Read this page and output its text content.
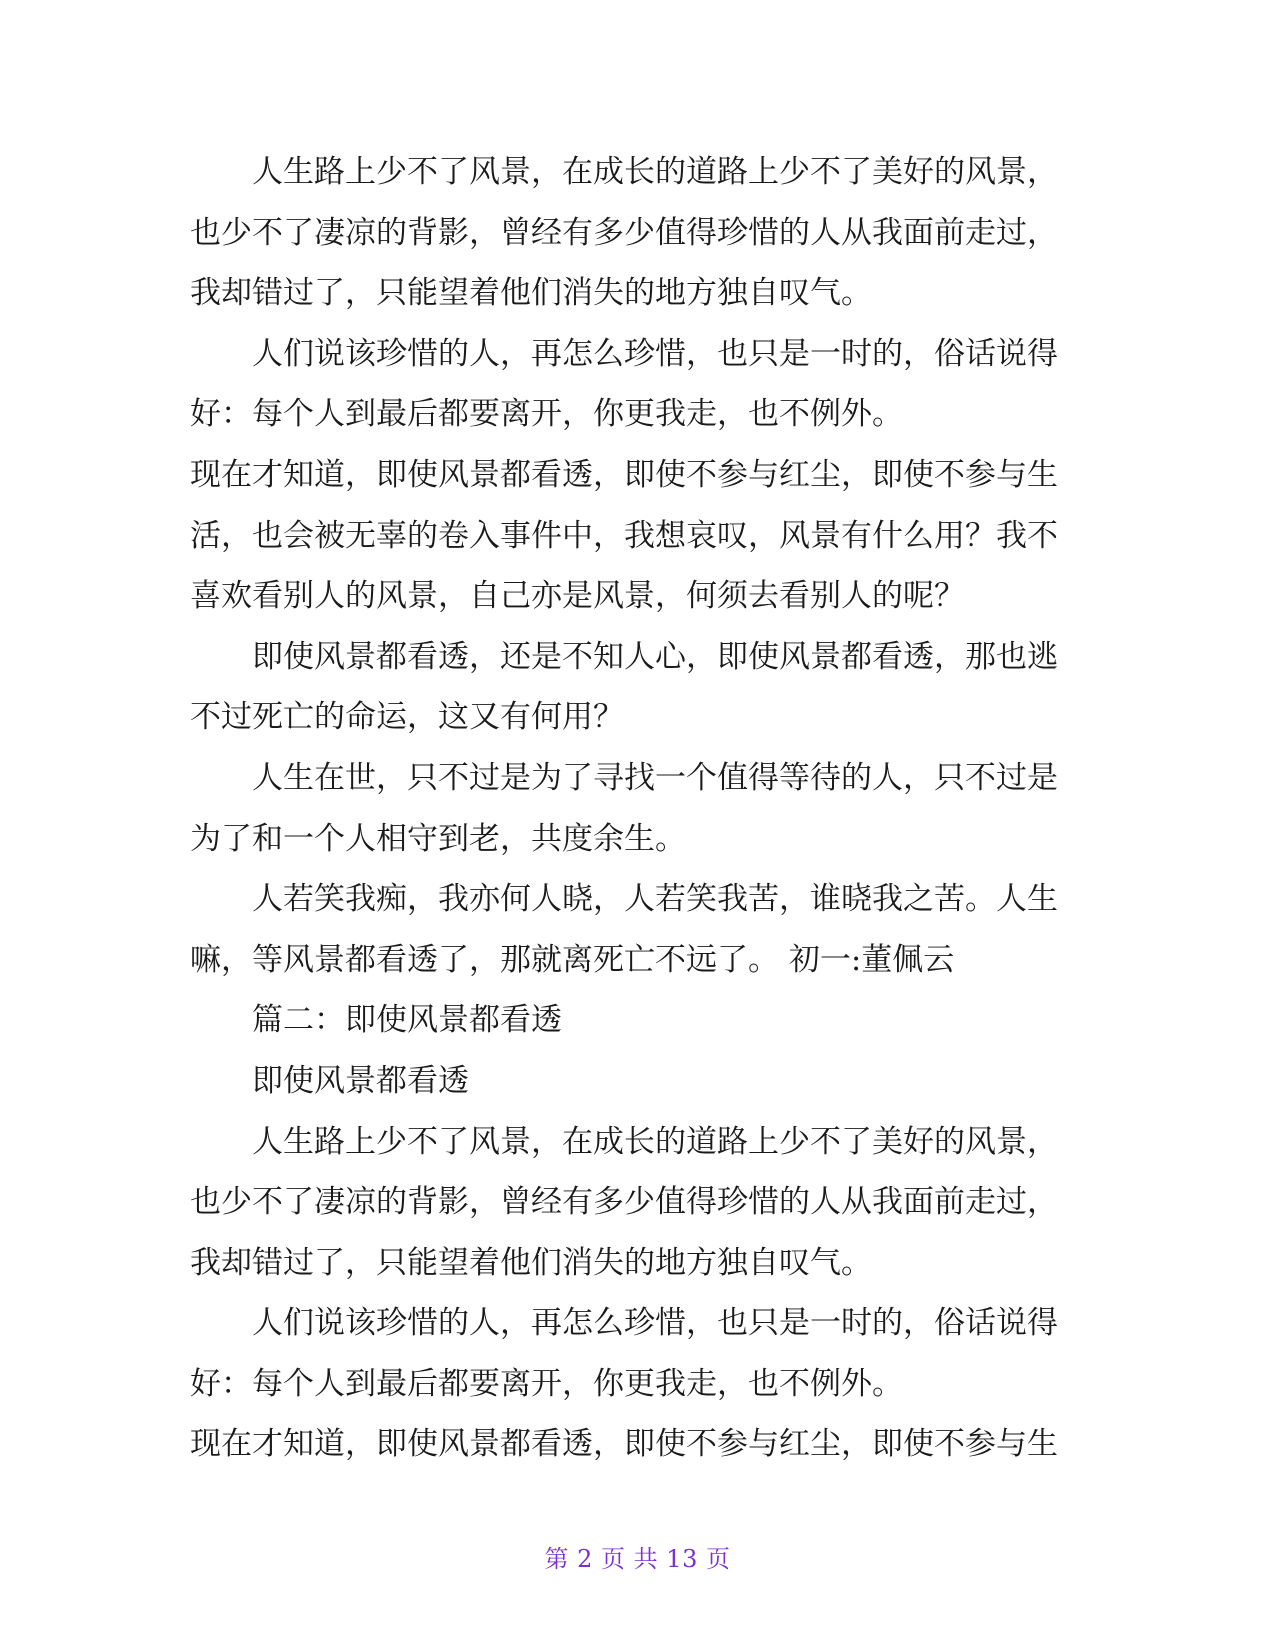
人生路上少不了风景，在成长的道路上少不了美好的风景，
也少不了凄凉的背影，曾经有多少值得珍惜的人从我面前走过，
我却错过了，只能望着他们消失的地方独自叹气。
人们说该珍惜的人，再怎么珍惜，也只是一时的，俗话说得
好：每个人到最后都要离开，你更我走，也不例外。
现在才知道，即使风景都看透，即使不参与红尘，即使不参与生
活，也会被无辜的卷入事件中，我想哀叹，风景有什么用？我不
喜欢看别人的风景，自己亦是风景，何须去看别人的呢？
即使风景都看透，还是不知人心，即使风景都看透，那也逃
不过死亡的命运，这又有何用？
人生在世，只不过是为了寻找一个值得等待的人，只不过是
为了和一个人相守到老，共度余生。
人若笑我痴，我亦何人晓，人若笑我苦，谁晓我之苦。人生
嘛，等风景都看透了，那就离死亡不远了。 初一:董佩云
篇二：即使风景都看透
即使风景都看透
人生路上少不了风景，在成长的道路上少不了美好的风景，
也少不了凄凉的背影，曾经有多少值得珍惜的人从我面前走过，
我却错过了，只能望着他们消失的地方独自叹气。
人们说该珍惜的人，再怎么珍惜，也只是一时的，俗话说得
好：每个人到最后都要离开，你更我走，也不例外。
现在才知道，即使风景都看透，即使不参与红尘，即使不参与生
第 2 页 共 13 页
